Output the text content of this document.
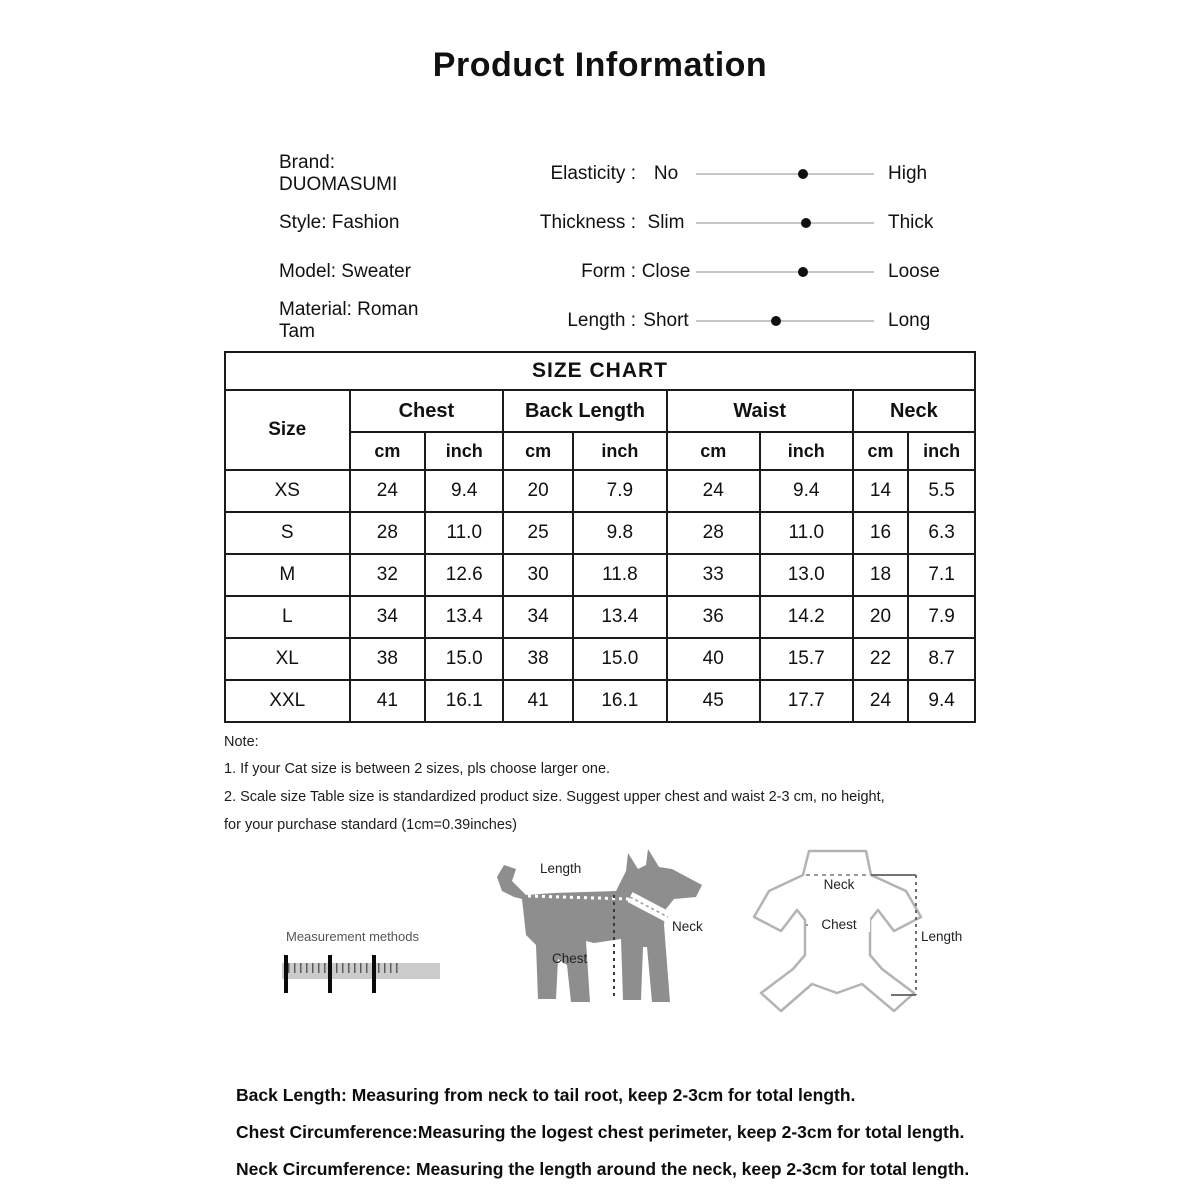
Product Information
Brand: DUOMASUMI
Elasticity : No	High
Style: Fashion	Thickness : Slim	Thick
Model: Sweater	Form : Close	Loose
Material: Roman Tam
Length : Short	Long
SIZE CHART								
Size	Chest		Back Length		Waist		Neck	
	cm	inch	cm	inch	cm	inch	cm	inch
XS	24	9.4	20	7.9	24	9.4	14	5.5
S	28	11.0	25	9.8	28	11.0	16	6.3
M	32	12.6	30	11.8	33	13.0	18	7.1
L	34	13.4	34	13.4	36	14.2	20	7.9
XL	38	15.0	38	15.0	40	15.7	22	8.7
XXL	41	16.1	41	16.1	45	17.7	24	9.4
Note:
1. If your Cat size is between 2 sizes, pls choose larger one.
2. Scale size Table size is standardized product size. Suggest upper chest and waist 2-3 cm, no height,
for your purchase standard (1cm=0.39inches)
Measurement methods
Length
Neck
Chest
Neck
Chest
Length
Back Length: Measuring from neck to tail root, keep 2-3cm for total length.
Chest Circumference:Measuring the logest chest perimeter, keep 2-3cm for total length.
Neck Circumference: Measuring the length around the neck, keep 2-3cm for total length.
